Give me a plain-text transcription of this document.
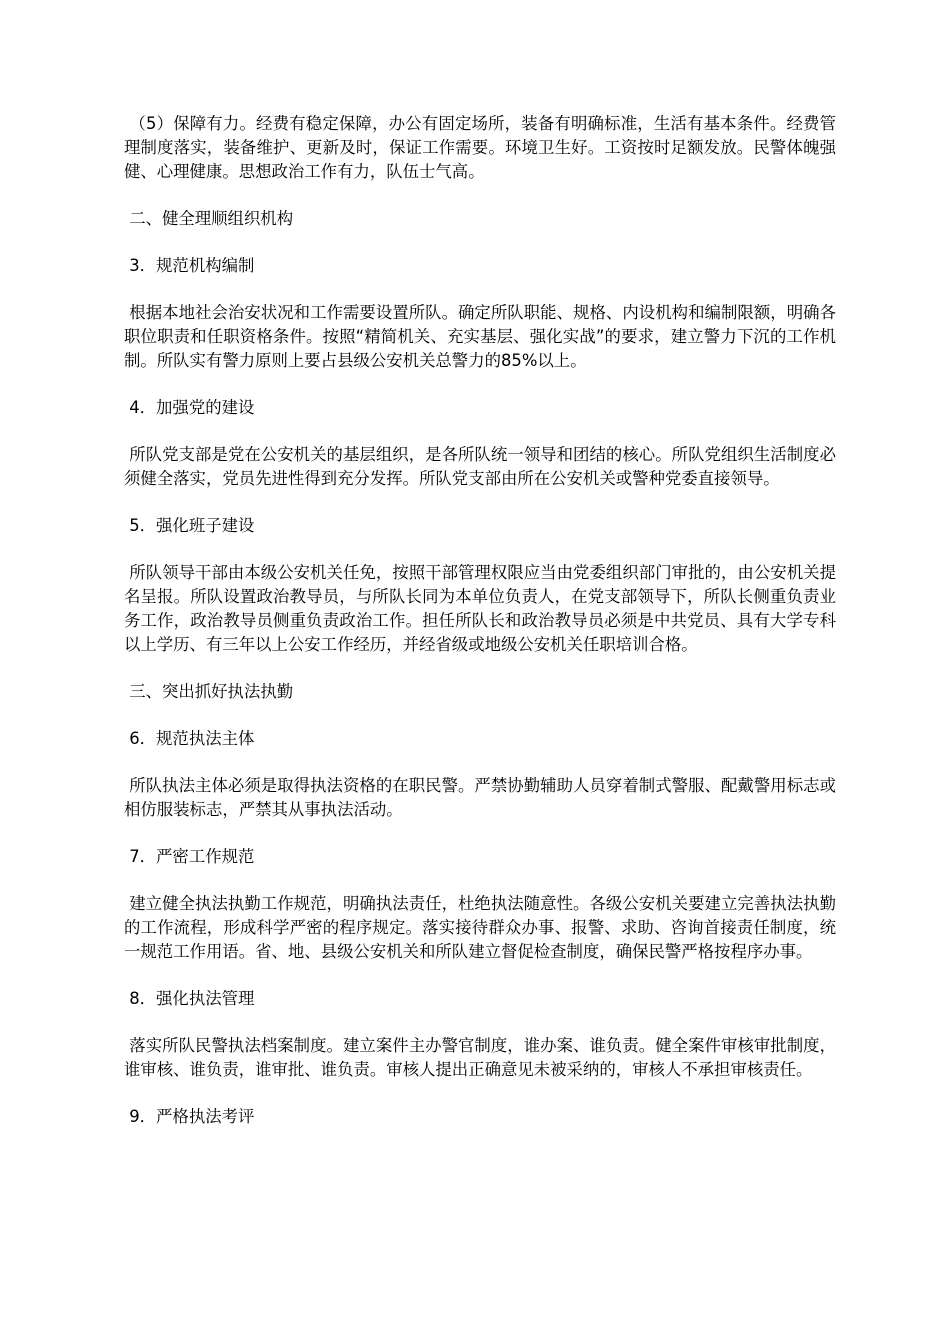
（5）保障有力。经费有稳定保障，办公有固定场所，装备有明确标准，生活有基本条件。经费管理制度落实，装备维护、更新及时，保证工作需要。环境卫生好。工资按时足额发放。民警体魄强健、心理健康。思想政治工作有力，队伍士气高。

二、健全理顺组织机构

3．规范机构编制

根据本地社会治安状况和工作需要设置所队。确定所队职能、规格、内设机构和编制限额，明确各职位职责和任职资格条件。按照“精简机关、充实基层、强化实战”的要求，建立警力下沉的工作机制。所队实有警力原则上要占县级公安机关总警力的85%以上。

4．加强党的建设

所队党支部是党在公安机关的基层组织，是各所队统一领导和团结的核心。所队党组织生活制度必须健全落实，党员先进性得到充分发挥。所队党支部由所在公安机关或警种党委直接领导。

5．强化班子建设

所队领导干部由本级公安机关任免，按照干部管理权限应当由党委组织部门审批的，由公安机关提名呈报。所队设置政治教导员，与所队长同为本单位负责人，在党支部领导下，所队长侧重负责业务工作，政治教导员侧重负责政治工作。担任所队长和政治教导员必须是中共党员、具有大学专科以上学历、有三年以上公安工作经历，并经省级或地级公安机关任职培训合格。

三、突出抓好执法执勤

6．规范执法主体

所队执法主体必须是取得执法资格的在职民警。严禁协勤辅助人员穿着制式警服、配戴警用标志或相仿服装标志，严禁其从事执法活动。

7．严密工作规范

建立健全执法执勤工作规范，明确执法责任，杜绝执法随意性。各级公安机关要建立完善执法执勤的工作流程，形成科学严密的程序规定。落实接待群众办事、报警、求助、咨询首接责任制度，统一规范工作用语。省、地、县级公安机关和所队建立督促检查制度，确保民警严格按程序办事。

8．强化执法管理

落实所队民警执法档案制度。建立案件主办警官制度，谁办案、谁负责。健全案件审核审批制度，谁审核、谁负责，谁审批、谁负责。审核人提出正确意见未被采纳的，审核人不承担审核责任。

9．严格执法考评
